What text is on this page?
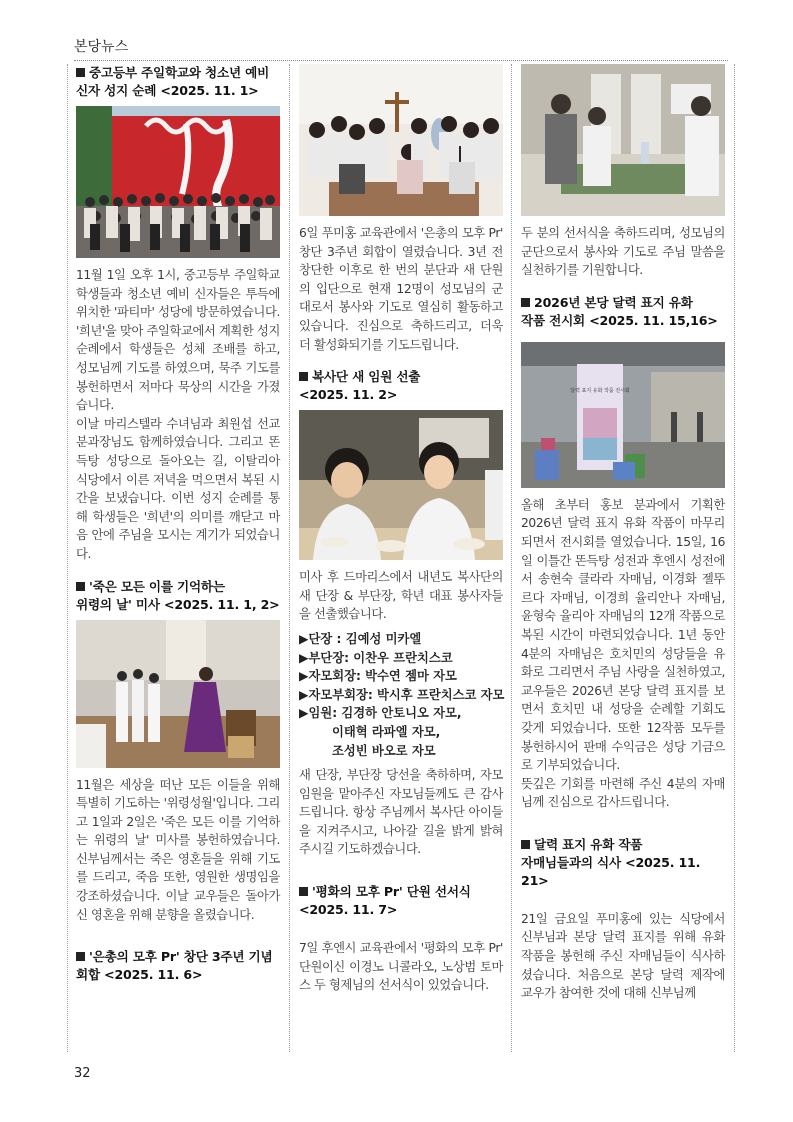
본당뉴스
중고등부 주일학교와 청소년 예비
신자 성지 순례 <2025. 11. 1>

11월 1일 오후 1시, 중고등부 주일학교 학생들과 청소년 예비 신자들은 투득에 위치한 '파티마' 성당에 방문하였습니다. '희년'을 맞아 주일학교에서 계획한 성지 순례에서 학생들은 성체 조배를 하고, 성모님께 기도를 하였으며, 묵주 기도를 봉헌하면서 저마다 묵상의 시간을 가졌습니다.

이날 마리스텔라 수녀님과 최원섭 선교 분과장님도 함께하였습니다. 그리고 똔득탕 성당으로 돌아오는 길, 이탈리아 식당에서 이른 저녁을 먹으면서 복된 시간을 보냈습니다. 이번 성지 순례를 통해 학생들은 '희년'의 의미를 깨닫고 마음 안에 주님을 모시는 계기가 되었습니다.

'죽은 모든 이를 기억하는
위령의 날' 미사 <2025. 11. 1, 2>

11월은 세상을 떠난 모든 이들을 위해 특별히 기도하는 '위령성월'입니다. 그리고 1일과 2일은 '죽은 모든 이를 기억하는 위령의 날' 미사를 봉헌하였습니다. 신부님께서는 죽은 영혼들을 위해 기도를 드리고, 죽음 또한, 영원한 생명임을 강조하셨습니다. 이날 교우들은 돌아가신 영혼을 위해 분향을 올렸습니다.

'은총의 모후 Pr' 창단 3주년 기념
회합 <2025. 11. 6>

6일 푸미홍 교육관에서 '은총의 모후 Pr' 창단 3주년 회합이 열렸습니다. 3년 전 창단한 이후로 한 번의 분단과 새 단원의 입단으로 현재 12명이 성모님의 군대로서 봉사와 기도로 열심히 활동하고 있습니다. 진심으로 축하드리고, 더욱 더 활성화되기를 기도드립니다.

복사단 새 임원 선출
<2025. 11. 2>

미사 후 드마리스에서 내년도 복사단의 새 단장 & 부단장, 학년 대표 봉사자들을 선출했습니다.

▶단장 : 김예성 미카엘
▶부단장: 이찬우 프란치스코
▶자모회장: 박수연 젬마 자모
▶자모부회장: 박시후 프란치스코 자모
▶임원: 김경하 안토니오 자모,
이태혁 라파엘 자모,
조성빈 바오로 자모

새 단장, 부단장 당선을 축하하며, 자모 임원을 맡아주신 자모님들께도 큰 감사드립니다. 항상 주님께서 복사단 아이들을 지켜주시고, 나아갈 길을 밝게 밝혀주시길 기도하겠습니다.

'평화의 모후 Pr' 단원 선서식
<2025. 11. 7>

7일 후엔시 교육관에서 '평화의 모후 Pr' 단원이신 이경노 니콜라오, 노상범 토마스 두 형제님의 선서식이 있었습니다.

두 분의 선서식을 축하드리며, 성모님의 군단으로서 봉사와 기도로 주님 말씀을 실천하기를 기원합니다.

2026년 본당 달력 표지 유화
작품 전시회 <2025. 11. 15,16>
달력 표지 유화 작품 전시회

올해 초부터 홍보 분과에서 기획한 2026년 달력 표지 유화 작품이 마무리되면서 전시회를 열었습니다. 15일, 16일 이틀간 똔득탕 성전과 후엔시 성전에서 송현숙 클라라 자매님, 이경화 젤뚜르다 자매님, 이경희 율리안나 자매님, 윤형숙 율리아 자매님의 12개 작품으로 복된 시간이 마련되었습니다. 1년 동안 4분의 자매님은 호치민의 성당들을 유화로 그리면서 주님 사랑을 실천하였고, 교우들은 2026년 본당 달력 표지를 보면서 호치민 내 성당을 순례할 기회도 갖게 되었습니다. 또한 12작품 모두를 봉헌하시어 판매 수익금은 성당 기금으로 기부되었습니다.

뜻깊은 기회를 마련해 주신 4분의 자매님께 진심으로 감사드립니다.

달력 표지 유화 작품
자매님들과의 식사 <2025. 11. 21>

21일 금요일 푸미홍에 있는 식당에서 신부님과 본당 달력 표지를 위해 유화 작품을 봉헌해 주신 자매님들이 식사하셨습니다. 처음으로 본당 달력 제작에 교우가 참여한 것에 대해 신부님께

32
